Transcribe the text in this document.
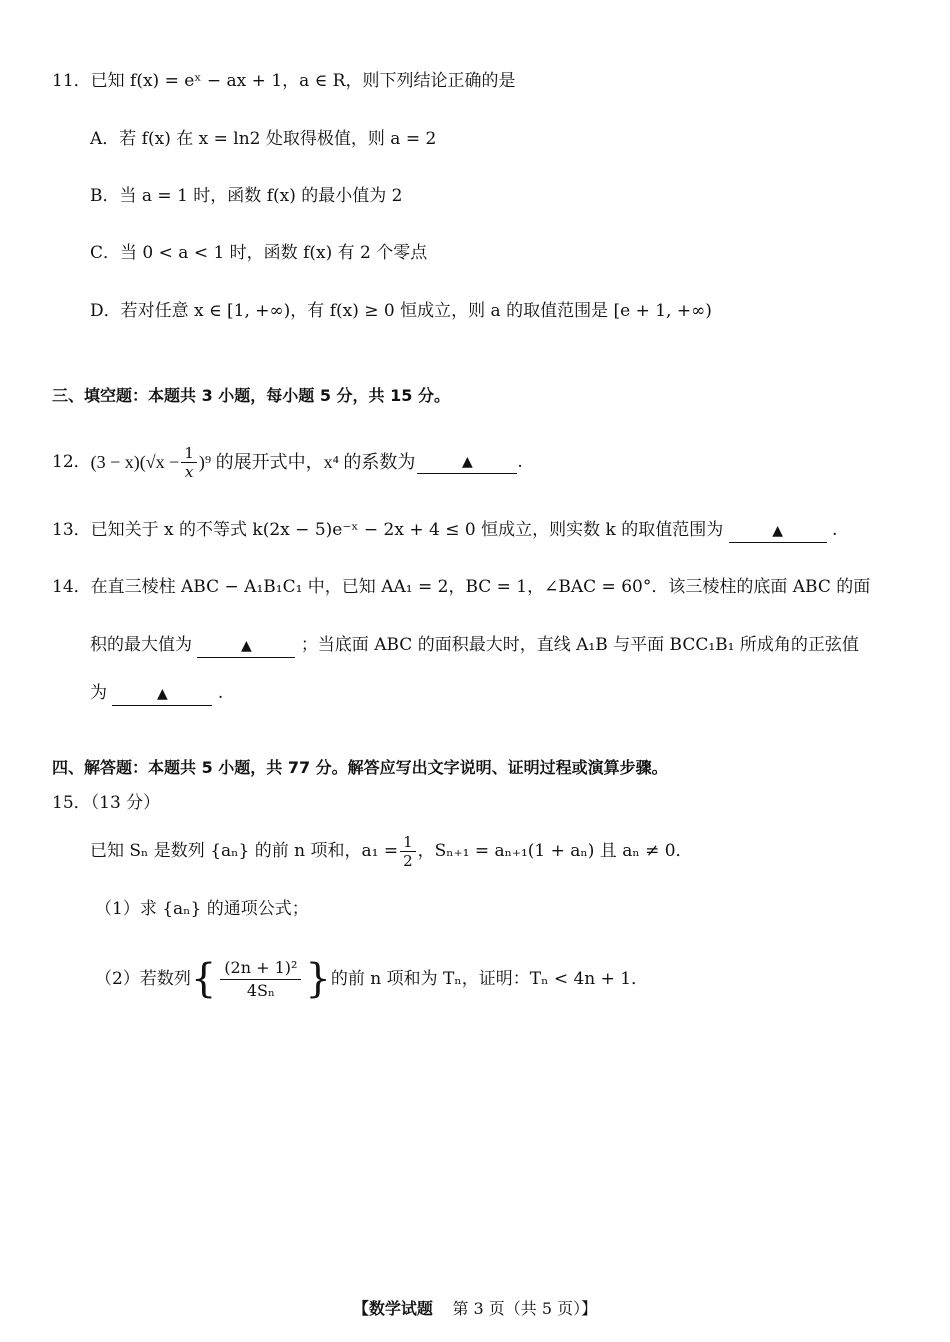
11．已知 f(x) = eˣ − ax + 1，a ∈ R，则下列结论正确的是
A．若 f(x) 在 x = ln2 处取得极值，则 a = 2
B．当 a = 1 时，函数 f(x) 的最小值为 2
C．当 0 < a < 1 时，函数 f(x) 有 2 个零点
D．若对任意 x ∈ [1, +∞)，有 f(x) ≥ 0 恒成立，则 a 的取值范围是 [e + 1, +∞)
三、填空题：本题共 3 小题，每小题 5 分，共 15 分。
12． $(3 - x)(√x - \frac{1}{x} )^9$ 的展开式中，x⁴ 的系数为	▲	.
13．已知关于 x 的不等式 k(2x − 5)e⁻ˣ − 2x + 4 ≤ 0 恒成立，则实数 k 的取值范围为	▲	.
14．在直三棱柱 ABC − A₁B₁C₁ 中，已知 AA₁ = 2，BC = 1，∠BAC = 60°．该三棱柱的底面 ABC 的面
积的最大值为	▲	；当底面 ABC 的面积最大时，直线 A₁B 与平面 BCC₁B₁ 所成角的正弦值
为	▲	.
四、解答题：本题共 5 小题，共 77 分。解答应写出文字说明、证明过程或演算步骤。
15．（13 分）
已知 Sₙ 是数列 {aₙ} 的前 n 项和，$a_1 = \frac{1}{2}$ ，Sₙ₊₁ = aₙ₊₁(1 + aₙ) 且 aₙ ≠ 0．
（1）求 {aₙ} 的通项公式；
（2）若数列 { $\frac{\text{(2n + 1)²}}{\text{4Sₙ}}$ } 的前 n 项和为 Tₙ，证明：Tₙ < 4n + 1．
【数学试题 第 3 页（共 5 页）】
